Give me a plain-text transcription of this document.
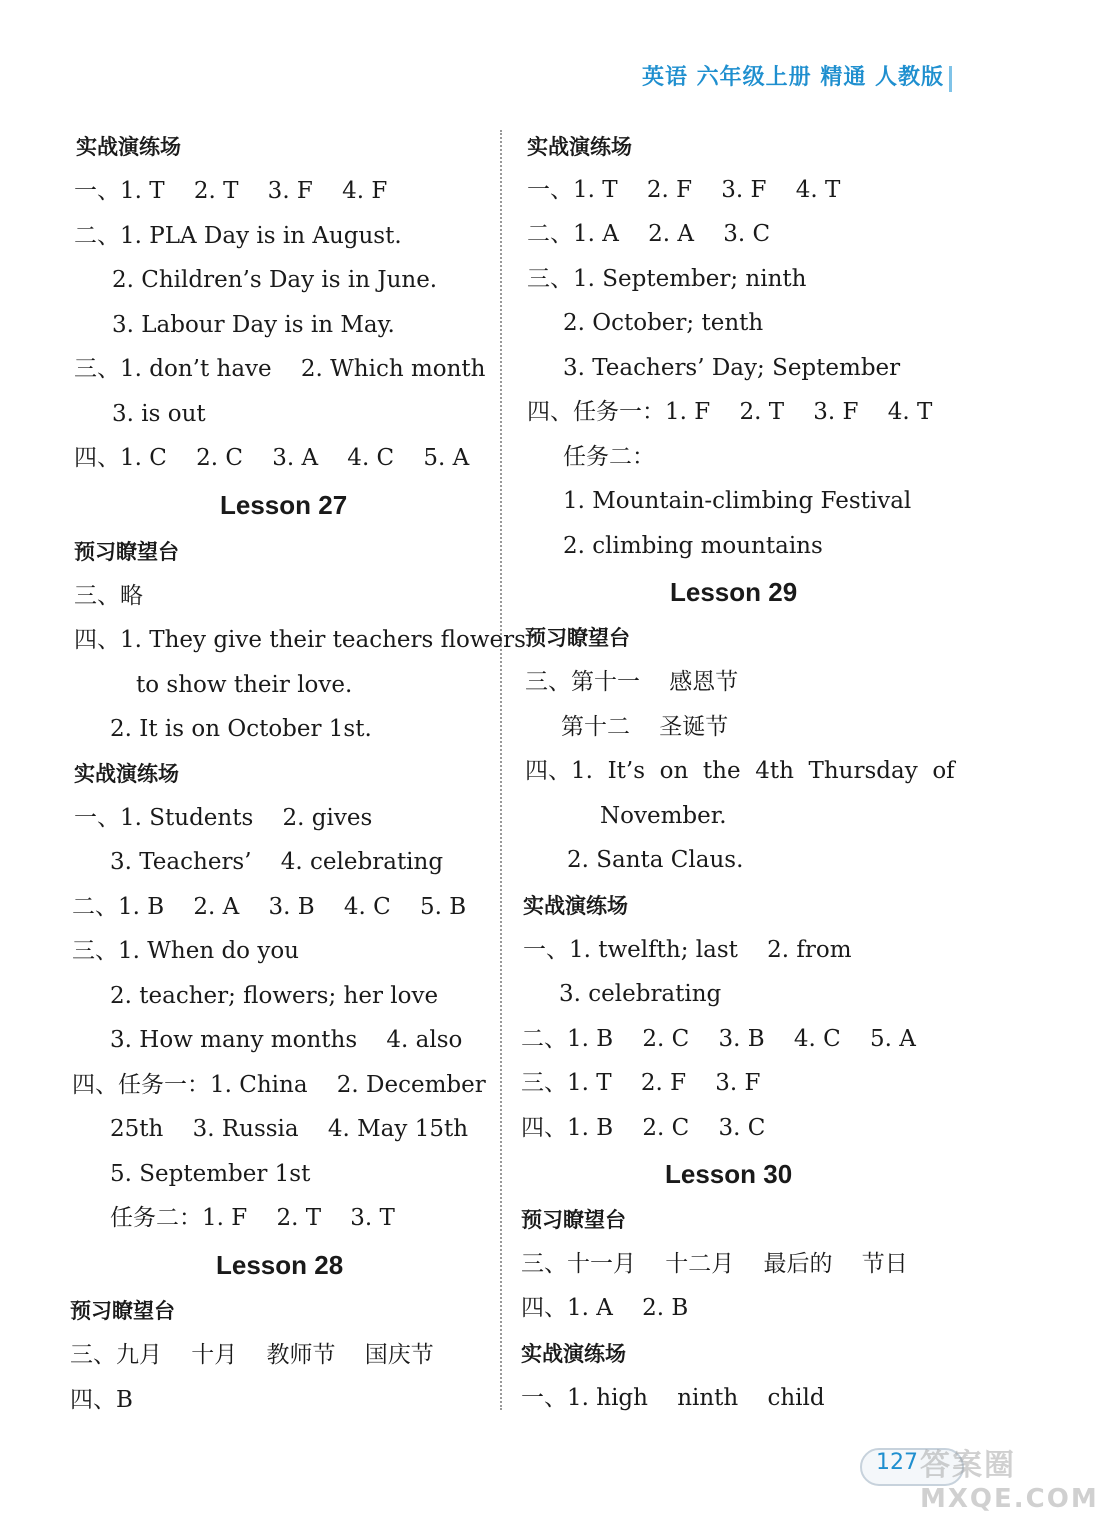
英语 六年级上册 精通 人教版
实战演练场
一、1. T    2. T    3. F    4. F
二、1. PLA Day is in August.
2. Children’s Day is in June.
3. Labour Day is in May.
三、1. don’t have    2. Which month
3. is out
四、1. C    2. C    3. A    4. C    5. A
Lesson 27
预习瞭望台
三、略
四、1. They give their teachers flowers
to show their love.
2. It is on October 1st.
实战演练场
一、1. Students    2. gives
3. Teachers’    4. celebrating
二、1. B    2. A    3. B    4. C    5. B
三、1. When do you
2. teacher; flowers; her love
3. How many months    4. also
四、任务一：1. China    2. December
25th    3. Russia    4. May 15th
5. September 1st
任务二：1. F    2. T    3. T
Lesson 28
预习瞭望台
三、九月    十月    教师节    国庆节
四、B
实战演练场
一、1. T    2. F    3. F    4. T
二、1. A    2. A    3. C
三、1. September; ninth
2. October; tenth
3. Teachers’ Day; September
四、任务一：1. F    2. T    3. F    4. T
任务二：
1. Mountain-climbing Festival
2. climbing mountains
Lesson 29
预习瞭望台
三、第十一    感恩节
第十二    圣诞节
四、1.  It’s  on  the  4th  Thursday  of
November.
2. Santa Claus.
实战演练场
一、1. twelfth; last    2. from
3. celebrating
二、1. B    2. C    3. B    4. C    5. A
三、1. T    2. F    3. F
四、1. B    2. C    3. C
Lesson 30
预习瞭望台
三、十一月    十二月    最后的    节日
四、1. A    2. B
实战演练场
一、1. high    ninth    child
127 答案圈
MXQE.COM
